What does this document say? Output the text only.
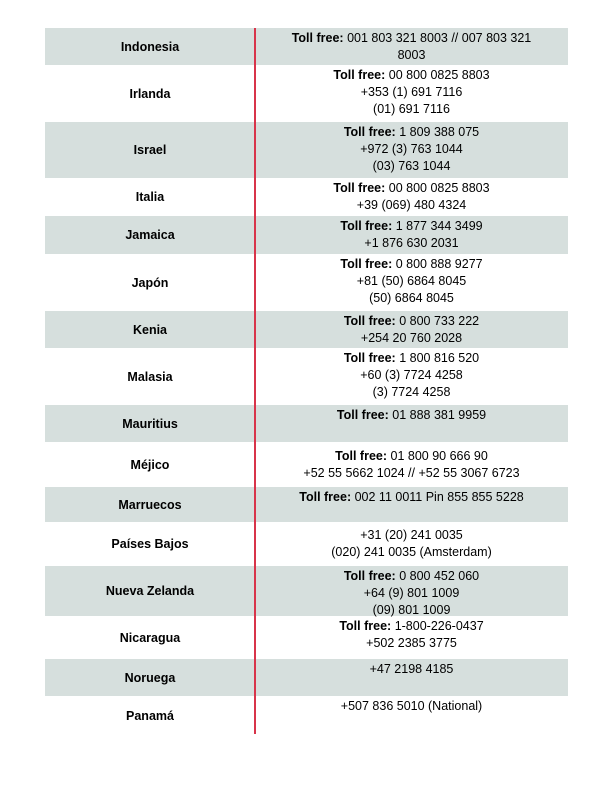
Indonesia
Toll free: 001 803 321 8003 // 007 803 321 8003
Irlanda
Toll free: 00 800 0825 8803
+353 (1) 691 7116
(01) 691 7116
Israel
Toll free: 1 809 388 075
+972 (3) 763 1044
(03) 763 1044
Italia
Toll free: 00 800 0825 8803
+39 (069) 480 4324
Jamaica
Toll free: 1 877 344 3499
+1 876 630 2031
Japón
Toll free: 0 800 888 9277
+81 (50) 6864 8045
(50) 6864 8045
Kenia
Toll free: 0 800 733 222
+254 20 760 2028
Malasia
Toll free: 1 800 816 520
+60 (3) 7724 4258
(3) 7724 4258
Mauritius
Toll free: 01 888 381 9959
Méjico
Toll free: 01 800 90 666 90
+52 55 5662 1024 // +52 55 3067 6723
Marruecos
Toll free: 002 11 0011 Pin 855 855 5228
Países Bajos
+31 (20) 241 0035
(020) 241 0035 (Amsterdam)
Nueva Zelanda
Toll free: 0 800 452 060
+64 (9) 801 1009
(09) 801 1009
Nicaragua
Toll free: 1-800-226-0437
+502 2385 3775
Noruega
+47 2198 4185
Panamá
+507 836 5010 (National)
